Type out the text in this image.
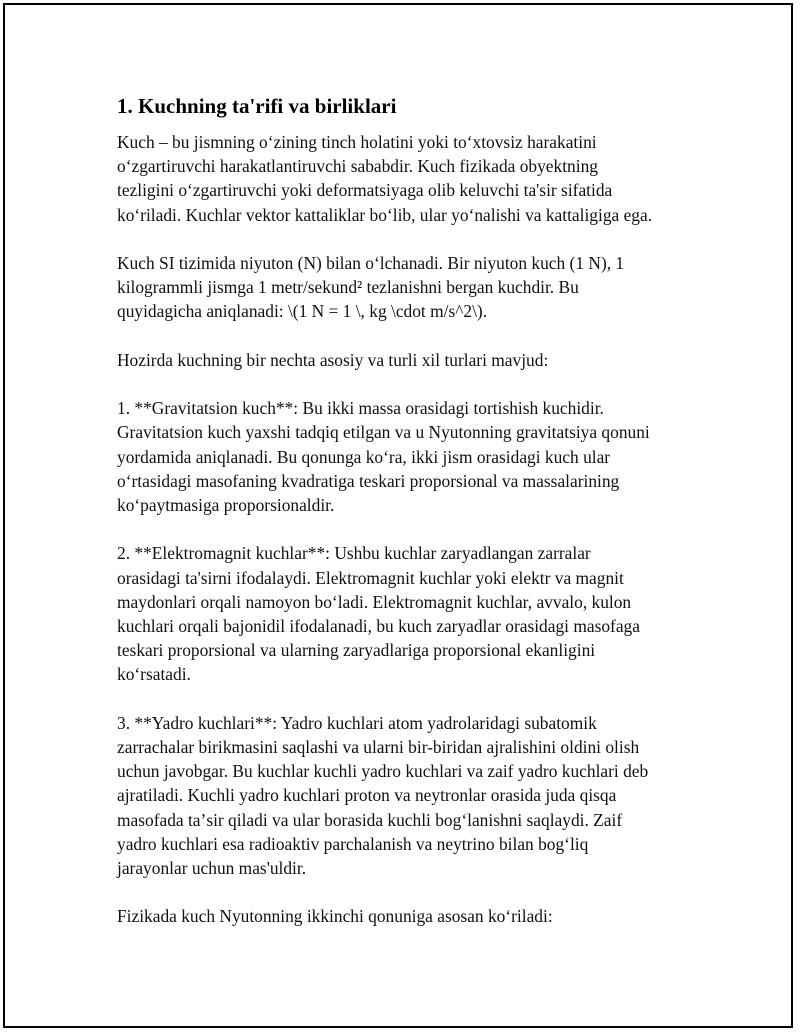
1. Kuchning ta'rifi va birliklari

Kuch – bu jismning oʻzining tinch holatini yoki toʻxtovsiz harakatini
oʻzgartiruvchi harakatlantiruvchi sababdir. Kuch fizikada obyektning
tezligini oʻzgartiruvchi yoki deformatsiyaga olib keluvchi ta'sir sifatida
koʻriladi. Kuchlar vektor kattaliklar boʻlib, ular yoʻnalishi va kattaligiga ega.

Kuch SI tizimida niyuton (N) bilan oʻlchanadi. Bir niyuton kuch (1 N), 1
kilogrammli jismga 1 metr/sekund² tezlanishni bergan kuchdir. Bu
quyidagicha aniqlanadi: \(1 N = 1 \, kg \cdot m/s^2\).

Hozirda kuchning bir nechta asosiy va turli xil turlari mavjud:

1. **Gravitatsion kuch**: Bu ikki massa orasidagi tortishish kuchidir.
Gravitatsion kuch yaxshi tadqiq etilgan va u Nyutonning gravitatsiya qonuni
yordamida aniqlanadi. Bu qonunga koʻra, ikki jism orasidagi kuch ular
oʻrtasidagi masofaning kvadratiga teskari proporsional va massalarining
koʻpaytmasiga proporsionaldir.

2. **Elektromagnit kuchlar**: Ushbu kuchlar zaryadlangan zarralar
orasidagi ta'sirni ifodalaydi. Elektromagnit kuchlar yoki elektr va magnit
maydonlari orqali namoyon boʻladi. Elektromagnit kuchlar, avvalo, kulon
kuchlari orqali bajonidil ifodalanadi, bu kuch zaryadlar orasidagi masofaga
teskari proporsional va ularning zaryadlariga proporsional ekanligini
koʻrsatadi.

3. **Yadro kuchlari**: Yadro kuchlari atom yadrolaridagi subatomik
zarrachalar birikmasini saqlashi va ularni bir-biridan ajralishini oldini olish
uchun javobgar. Bu kuchlar kuchli yadro kuchlari va zaif yadro kuchlari deb
ajratiladi. Kuchli yadro kuchlari proton va neytronlar orasida juda qisqa
masofada taʼsir qiladi va ular borasida kuchli bogʻlanishni saqlaydi. Zaif
yadro kuchlari esa radioaktiv parchalanish va neytrino bilan bogʻliq
jarayonlar uchun mas'uldir.

Fizikada kuch Nyutonning ikkinchi qonuniga asosan koʻriladi:
